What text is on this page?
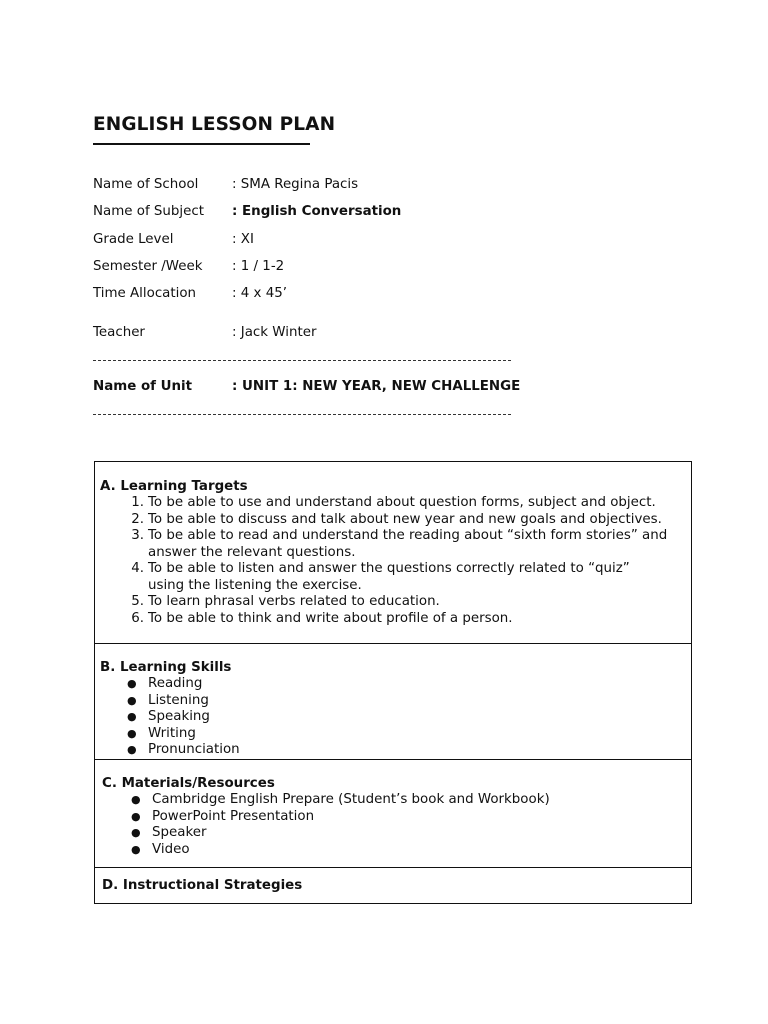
ENGLISH LESSON PLAN
Name of School	: SMA Regina Pacis
Name of Subject : English Conversation
Grade Level	: XI
Semester /Week : 1 / 1-2
Time Allocation	: 4 x 45’
Teacher	: Jack Winter
Name of Unit	: UNIT 1: NEW YEAR, NEW CHALLENGE
A. Learning Targets
1. To be able to use and understand about question forms, subject and object.
2. To be able to discuss and talk about new year and new goals and objectives.
3. To be able to read and understand the reading about “sixth form stories” and
answer the relevant questions.
4. To be able to listen and answer the questions correctly related to “quiz”
using the listening the exercise.
5. To learn phrasal verbs related to education.
6. To be able to think and write about profile of a person.
B. Learning Skills
● Reading
● Listening
● Speaking
● Writing
● Pronunciation
C. Materials/Resources
● Cambridge English Prepare (Student’s book and Workbook)
● PowerPoint Presentation
● Speaker
● Video
D. Instructional Strategies
